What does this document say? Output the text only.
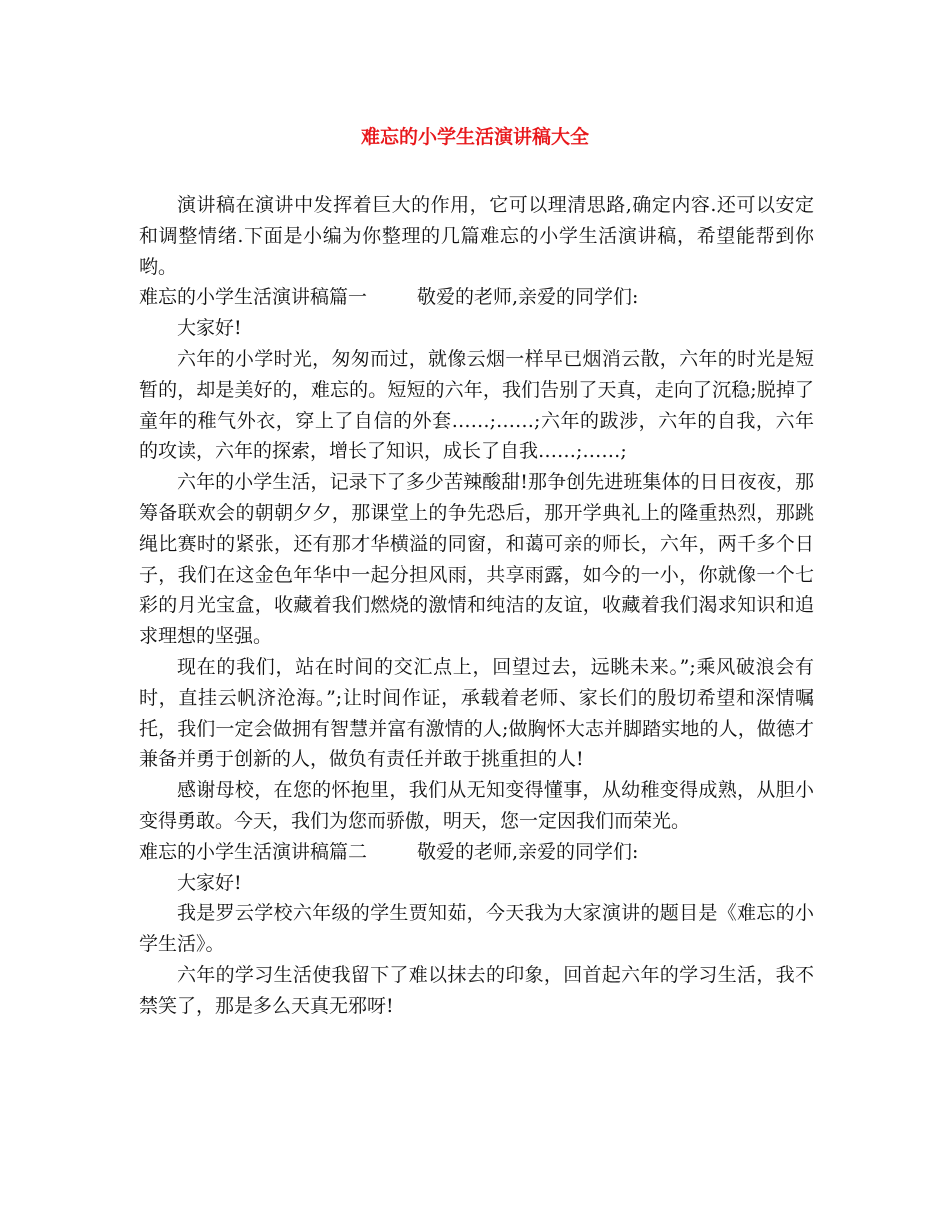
难忘的小学生活演讲稿大全

演讲稿在演讲中发挥着巨大的作用，它可以理清思路,确定内容.还可以安定和调整情绪.下面是小编为你整理的几篇难忘的小学生活演讲稿，希望能帮到你哟。

难忘的小学生活演讲稿篇一	敬爱的老师,亲爱的同学们:

大家好!

六年的小学时光，匆匆而过，就像云烟一样早已烟消云散，六年的时光是短暂的，却是美好的，难忘的。短短的六年，我们告别了天真，走向了沉稳;脱掉了童年的稚气外衣，穿上了自信的外套……;……;六年的跋涉，六年的自我，六年的攻读，六年的探索，增长了知识，成长了自我……;……;

六年的小学生活，记录下了多少苦辣酸甜!那争创先进班集体的日日夜夜，那筹备联欢会的朝朝夕夕，那课堂上的争先恐后，那开学典礼上的隆重热烈，那跳绳比赛时的紧张，还有那才华横溢的同窗，和蔼可亲的师长，六年，两千多个日子，我们在这金色年华中一起分担风雨，共享雨露，如今的一小，你就像一个七彩的月光宝盒，收藏着我们燃烧的激情和纯洁的友谊，收藏着我们渴求知识和追求理想的坚强。

现在的我们，站在时间的交汇点上，回望过去，远眺未来。”;乘风破浪会有时，直挂云帆济沧海。”;让时间作证，承载着老师、家长们的殷切希望和深情嘱托，我们一定会做拥有智慧并富有激情的人;做胸怀大志并脚踏实地的人，做德才兼备并勇于创新的人，做负有责任并敢于挑重担的人!

感谢母校，在您的怀抱里，我们从无知变得懂事，从幼稚变得成熟，从胆小变得勇敢。今天，我们为您而骄傲，明天，您一定因我们而荣光。

难忘的小学生活演讲稿篇二	敬爱的老师,亲爱的同学们:

大家好!

我是罗云学校六年级的学生贾知茹，今天我为大家演讲的题目是《难忘的小学生活》。

六年的学习生活使我留下了难以抹去的印象，回首起六年的学习生活，我不禁笑了，那是多么天真无邪呀!
